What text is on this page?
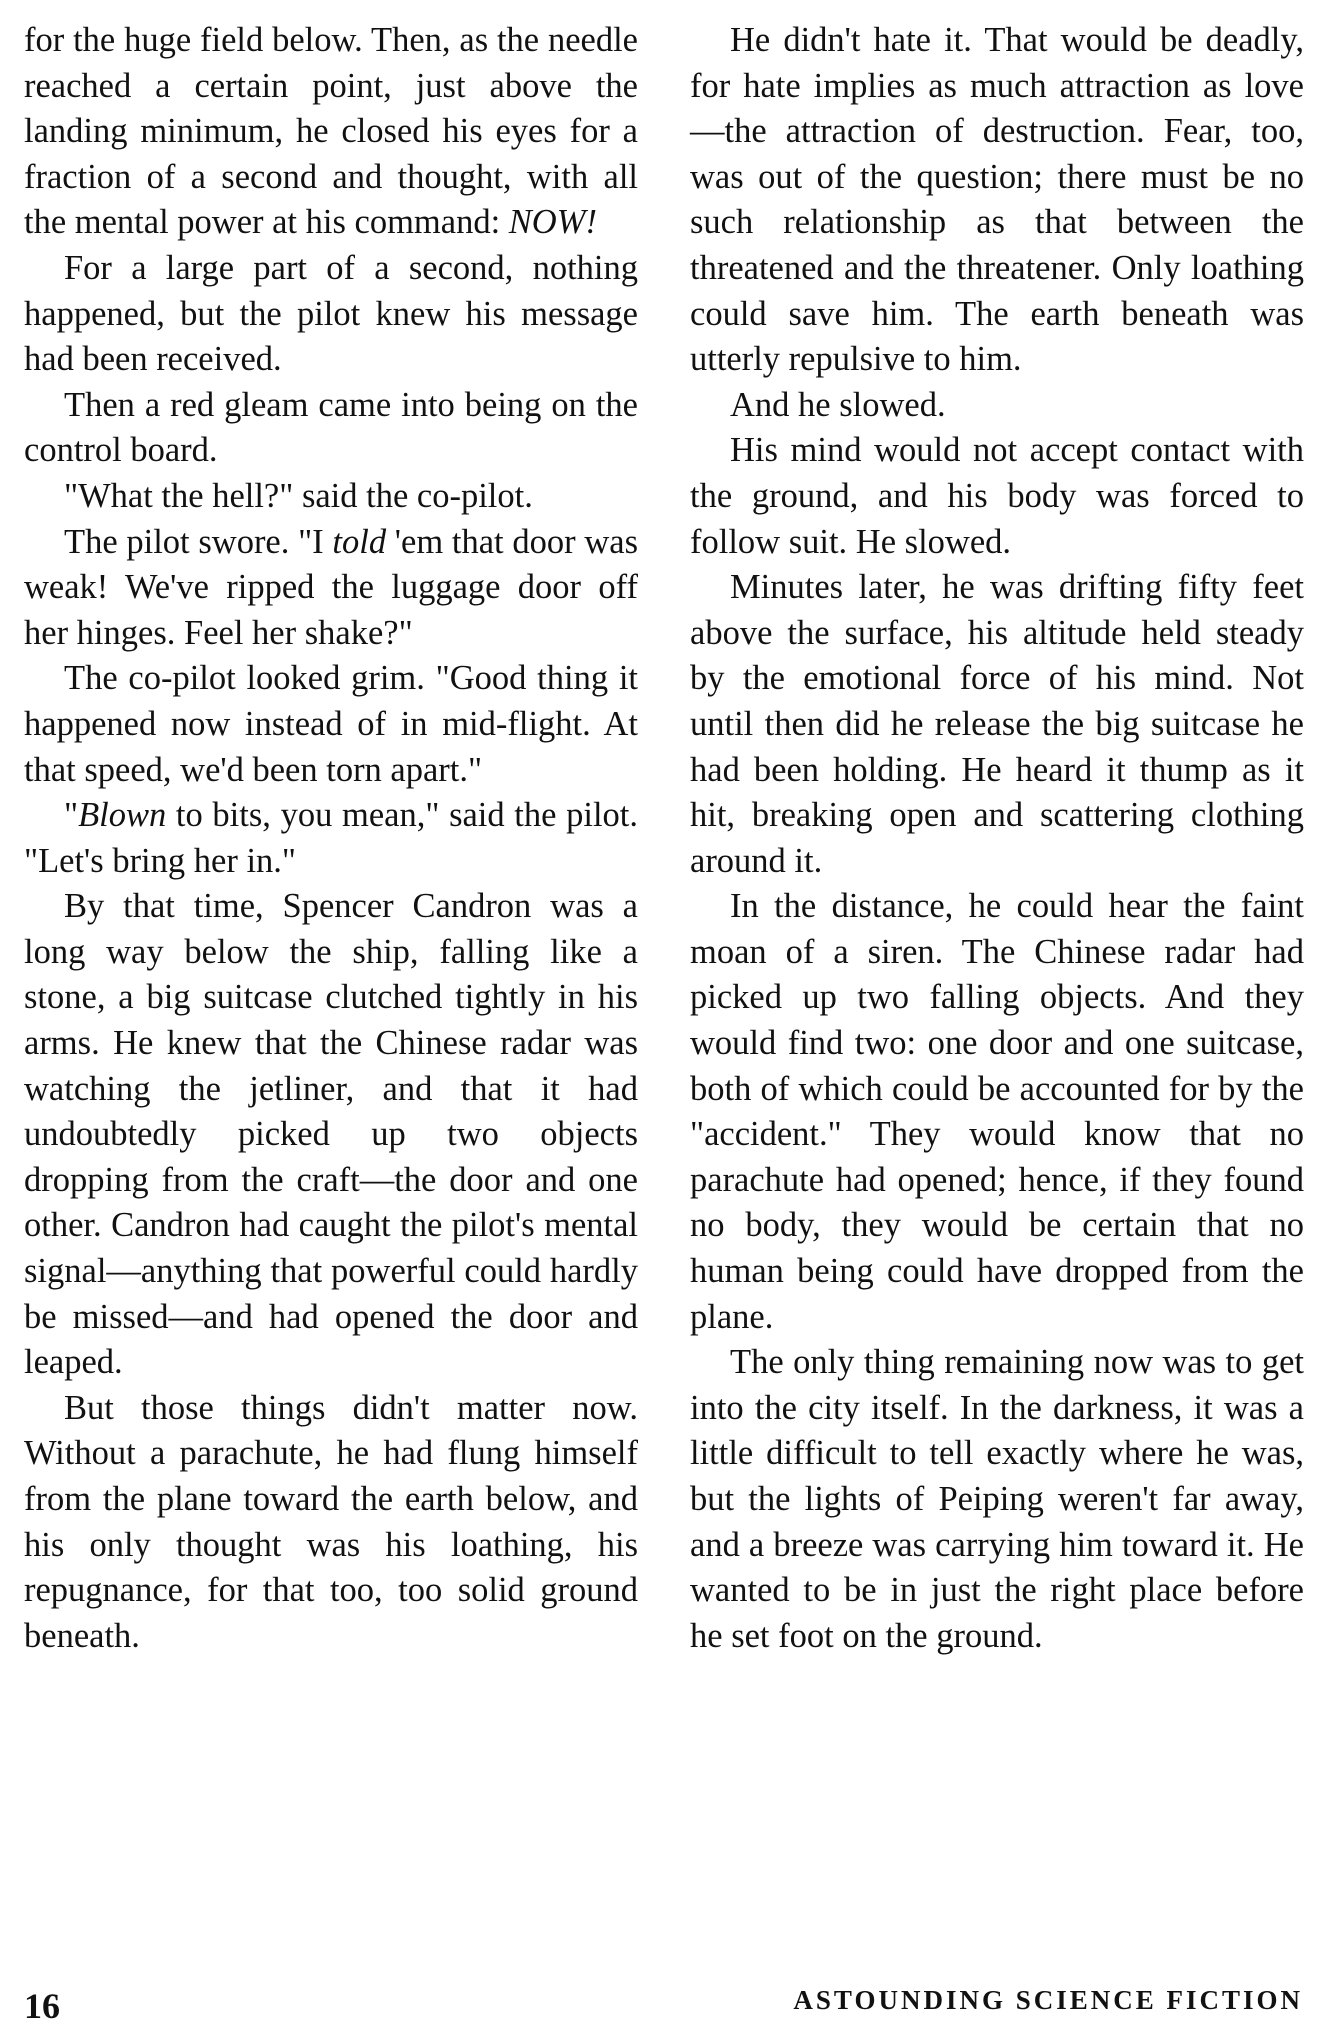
for the huge field below. Then, as the needle reached a certain point, just above the landing minimum, he closed his eyes for a fraction of a second and thought, with all the mental power at his command: NOW!

For a large part of a second, nothing happened, but the pilot knew his message had been received.

Then a red gleam came into being on the control board.

"What the hell?" said the co-pilot.

The pilot swore. "I told 'em that door was weak! We've ripped the luggage door off her hinges. Feel her shake?"

The co-pilot looked grim. "Good thing it happened now instead of in mid-flight. At that speed, we'd been torn apart."

"Blown to bits, you mean," said the pilot. "Let's bring her in."

By that time, Spencer Candron was a long way below the ship, falling like a stone, a big suitcase clutched tightly in his arms. He knew that the Chinese radar was watching the jetliner, and that it had undoubtedly picked up two objects dropping from the craft—the door and one other. Candron had caught the pilot's mental signal—anything that powerful could hardly be missed—and had opened the door and leaped.

But those things didn't matter now. Without a parachute, he had flung himself from the plane toward the earth below, and his only thought was his loathing, his repugnance, for that too, too solid ground beneath.

He didn't hate it. That would be deadly, for hate implies as much attraction as love—the attraction of destruction. Fear, too, was out of the question; there must be no such relationship as that between the threatened and the threatener. Only loathing could save him. The earth beneath was utterly repulsive to him.

And he slowed.

His mind would not accept contact with the ground, and his body was forced to follow suit. He slowed.

Minutes later, he was drifting fifty feet above the surface, his altitude held steady by the emotional force of his mind. Not until then did he release the big suitcase he had been holding. He heard it thump as it hit, breaking open and scattering clothing around it.

In the distance, he could hear the faint moan of a siren. The Chinese radar had picked up two falling objects. And they would find two: one door and one suitcase, both of which could be accounted for by the "accident." They would know that no parachute had opened; hence, if they found no body, they would be certain that no human being could have dropped from the plane.

The only thing remaining now was to get into the city itself. In the darkness, it was a little difficult to tell exactly where he was, but the lights of Peiping weren't far away, and a breeze was carrying him toward it. He wanted to be in just the right place before he set foot on the ground.

16	ASTOUNDING SCIENCE FICTION
